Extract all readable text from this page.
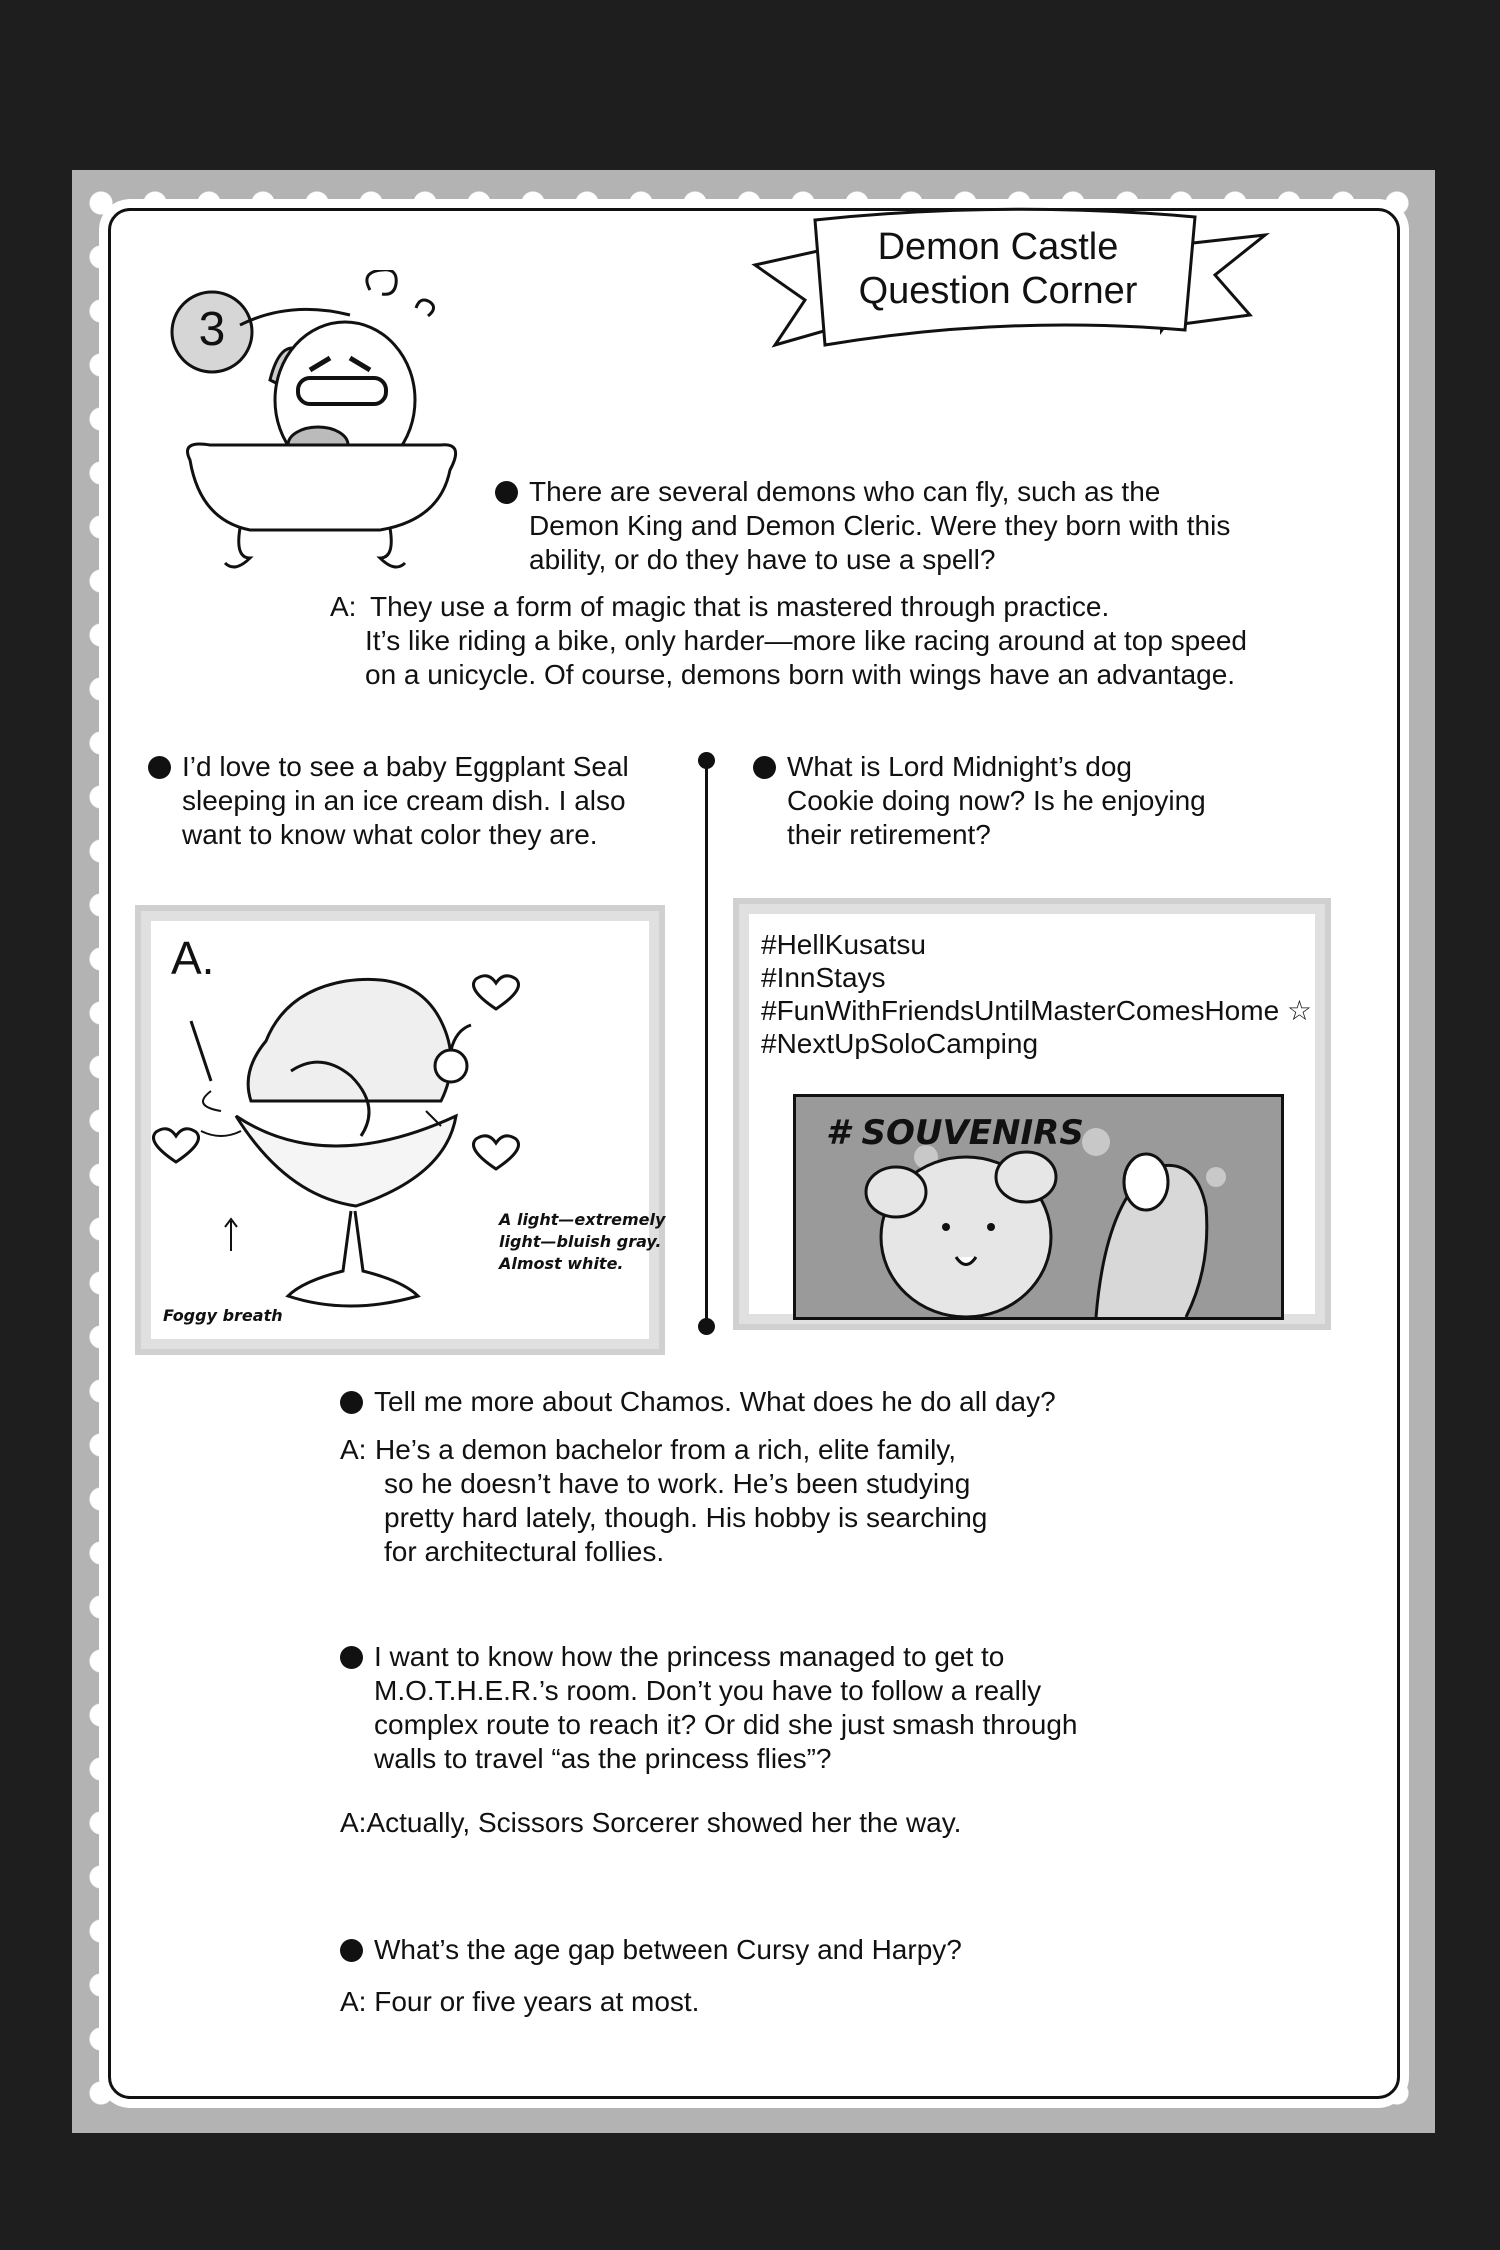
Demon Castle
Question Corner
3
There are several demons who can fly, such as the
Demon King and Demon Cleric. Were they born with this
ability, or do they have to use a spell?
A: They use a form of magic that is mastered through practice.
It’s like riding a bike, only harder—more like racing around at top speed
on a unicycle. Of course, demons born with wings have an advantage.
I’d love to see a baby Eggplant Seal
sleeping in an ice cream dish. I also
want to know what color they are.
A.
A light—extremely
light—bluish gray.
Almost white.
Foggy breath
What is Lord Midnight’s dog
Cookie doing now? Is he enjoying
their retirement?
#HellKusatsu
#InnStays
#FunWithFriendsUntilMasterComesHome ☆
#NextUpSoloCamping
# SOUVENIRS
Tell me more about Chamos. What does he do all day?
A: He’s a demon bachelor from a rich, elite family,
so he doesn’t have to work. He’s been studying
pretty hard lately, though. His hobby is searching
for architectural follies.
I want to know how the princess managed to get to
M.O.T.H.E.R.’s room. Don’t you have to follow a really
complex route to reach it? Or did she just smash through
walls to travel “as the princess flies”?
A:Actually, Scissors Sorcerer showed her the way.
What’s the age gap between Cursy and Harpy?
A: Four or five years at most.
